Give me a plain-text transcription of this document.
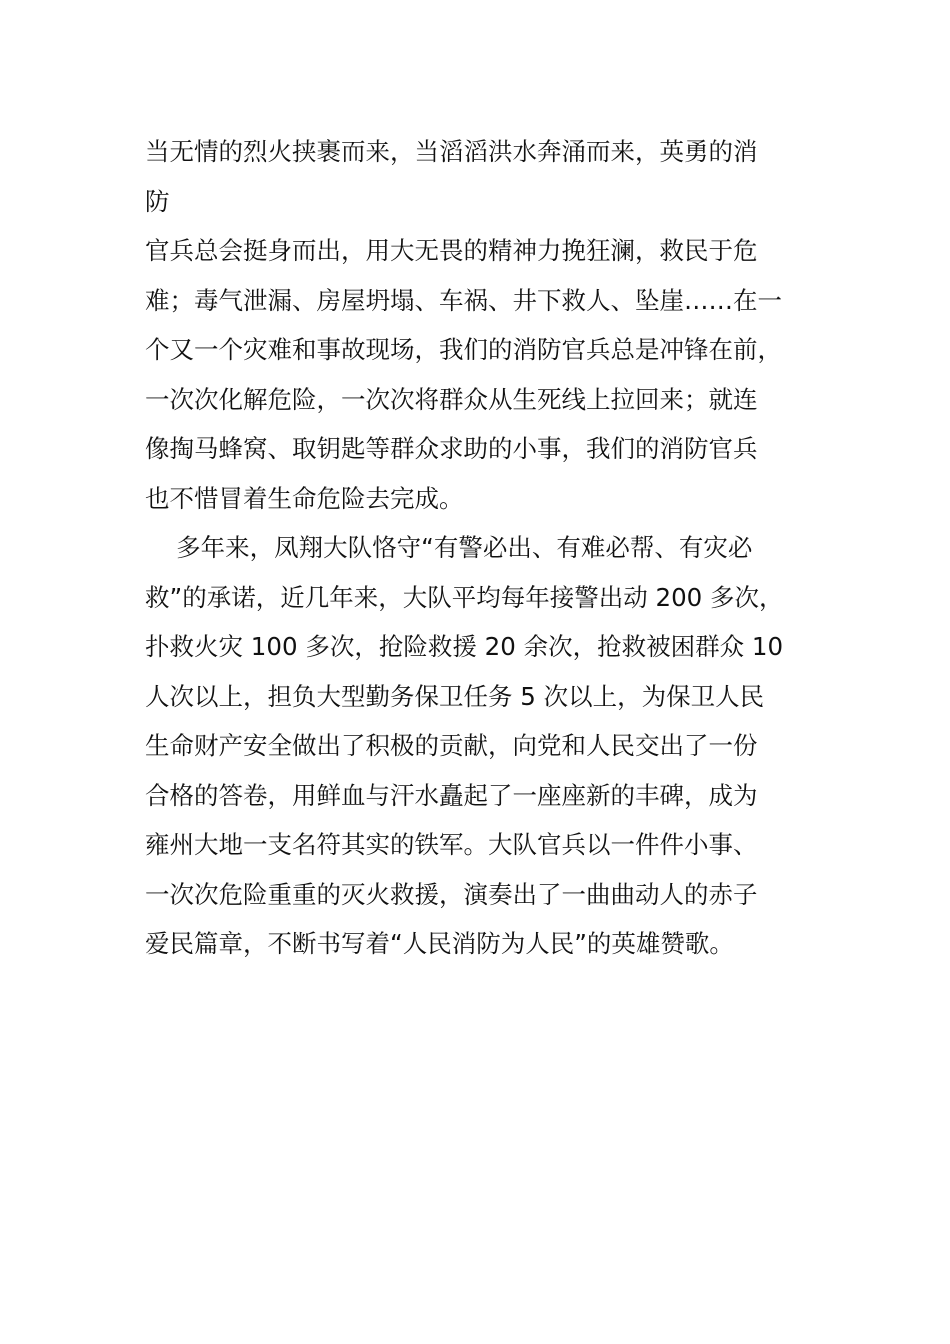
当无情的烈火挟裹而来，当滔滔洪水奔涌而来，英勇的消
防
官兵总会挺身而出，用大无畏的精神力挽狂澜，救民于危
难；毒气泄漏、房屋坍塌、车祸、井下救人、坠崖……在一
个又一个灾难和事故现场，我们的消防官兵总是冲锋在前，
一次次化解危险，一次次将群众从生死线上拉回来；就连
像掏马蜂窝、取钥匙等群众求助的小事，我们的消防官兵
也不惜冒着生命危险去完成。
多年来，凤翔大队恪守“有警必出、有难必帮、有灾必
救”的承诺，近几年来，大队平均每年接警出动 200 多次，
扑救火灾 100 多次，抢险救援 20 余次，抢救被困群众 10
人次以上，担负大型勤务保卫任务 5 次以上，为保卫人民
生命财产安全做出了积极的贡献，向党和人民交出了一份
合格的答卷，用鲜血与汗水矗起了一座座新的丰碑，成为
雍州大地一支名符其实的铁军。大队官兵以一件件小事、
一次次危险重重的灭火救援，演奏出了一曲曲动人的赤子
爱民篇章，不断书写着“人民消防为人民”的英雄赞歌。
